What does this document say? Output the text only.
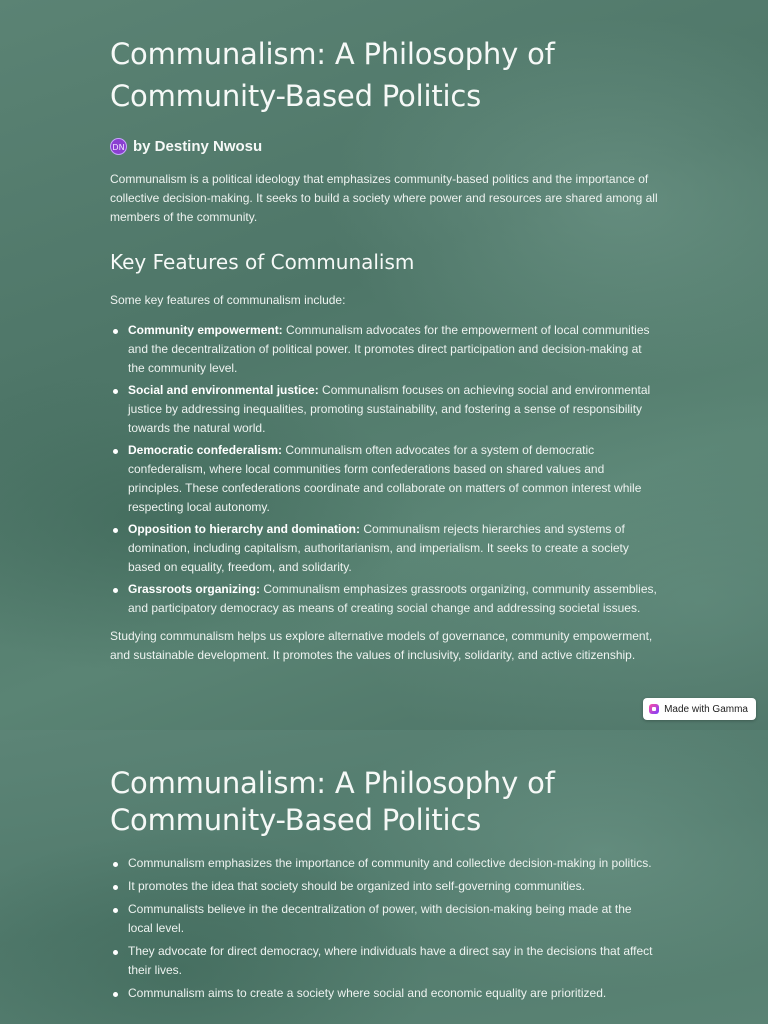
Communalism: A Philosophy of Community-Based Politics
DN by Destiny Nwosu

Communalism is a political ideology that emphasizes community-based politics and the importance of collective decision-making. It seeks to build a society where power and resources are shared among all members of the community.

Key Features of Communalism

Some key features of communalism include:

Community empowerment: Communalism advocates for the empowerment of local communities and the decentralization of political power. It promotes direct participation and decision-making at the community level.
Social and environmental justice: Communalism focuses on achieving social and environmental justice by addressing inequalities, promoting sustainability, and fostering a sense of responsibility towards the natural world.
Democratic confederalism: Communalism often advocates for a system of democratic confederalism, where local communities form confederations based on shared values and principles. These confederations coordinate and collaborate on matters of common interest while respecting local autonomy.
Opposition to hierarchy and domination: Communalism rejects hierarchies and systems of domination, including capitalism, authoritarianism, and imperialism. It seeks to create a society based on equality, freedom, and solidarity.
Grassroots organizing: Communalism emphasizes grassroots organizing, community assemblies, and participatory democracy as means of creating social change and addressing societal issues.

Studying communalism helps us explore alternative models of governance, community empowerment, and sustainable development. It promotes the values of inclusivity, solidarity, and active citizenship.

Made with Gamma
Communalism: A Philosophy of Community-Based Politics
Communalism emphasizes the importance of community and collective decision-making in politics.
It promotes the idea that society should be organized into self-governing communities.
Communalists believe in the decentralization of power, with decision-making being made at the local level.
They advocate for direct democracy, where individuals have a direct say in the decisions that affect their lives.
Communalism aims to create a society where social and economic equality are prioritized.
